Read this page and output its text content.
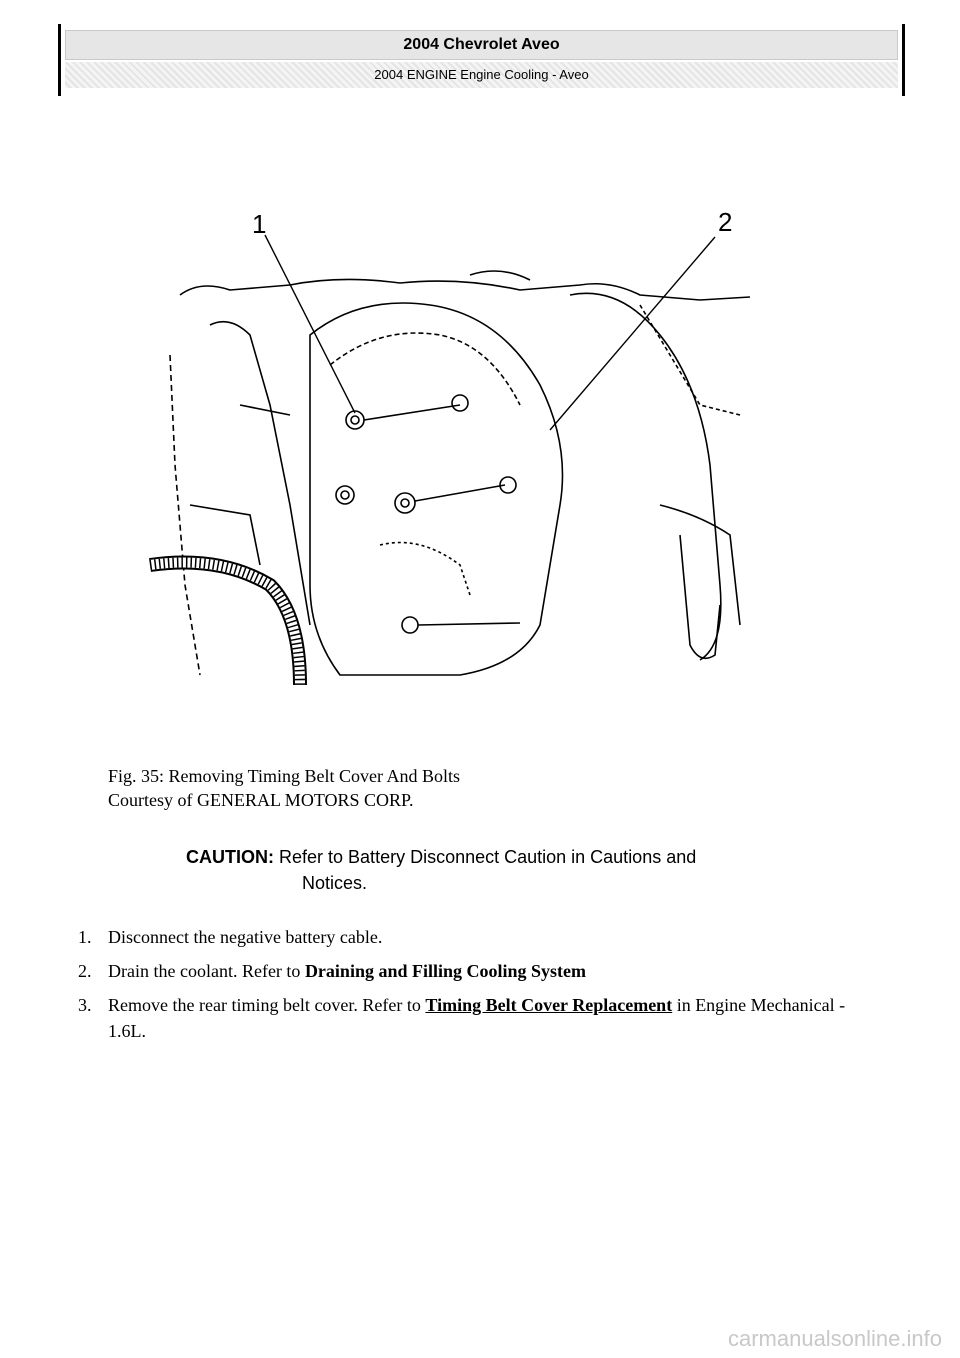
2004 Chevrolet Aveo
2004 ENGINE Engine Cooling - Aveo
1	2
Fig. 35: Removing Timing Belt Cover And Bolts
Courtesy of GENERAL MOTORS CORP.
CAUTION: Refer to Battery Disconnect Caution in Cautions and
Notices.
1. Disconnect the negative battery cable.
2. Drain the coolant. Refer to Draining and Filling Cooling System
3. Remove the rear timing belt cover. Refer to Timing Belt Cover Replacement in Engine Mechanical - 1.6L.
carmanualsonline.info
